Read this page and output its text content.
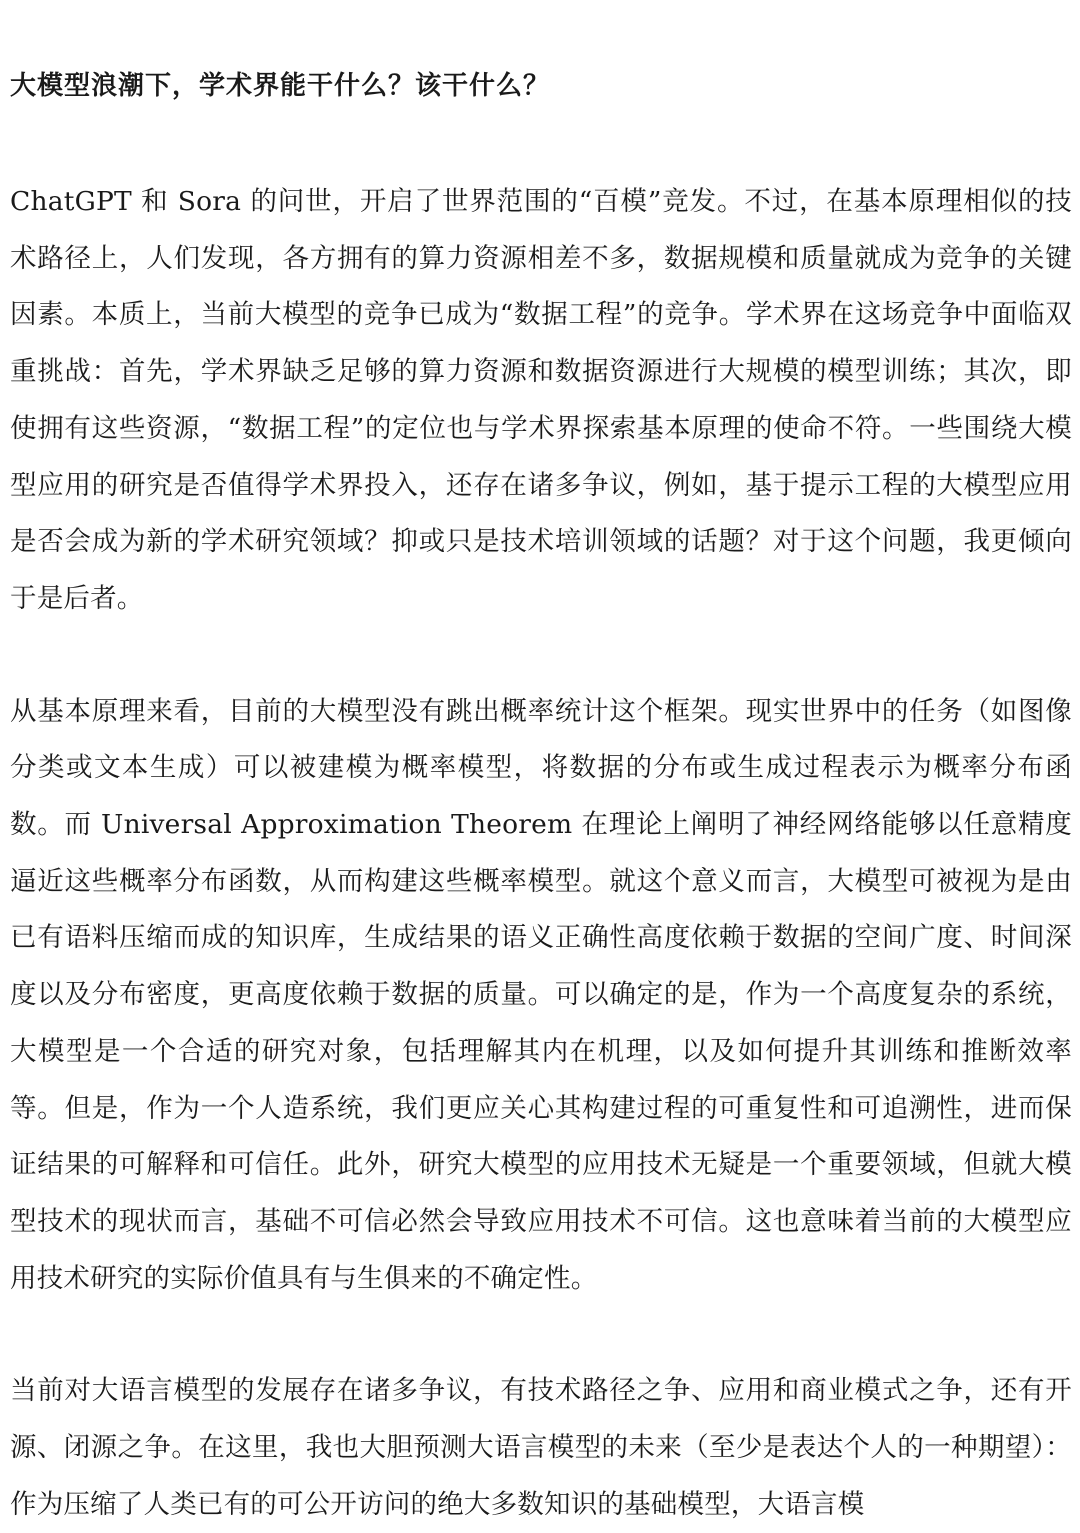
大模型浪潮下，学术界能干什么？该干什么？

ChatGPT 和 Sora 的问世，开启了世界范围的“百模”竞发。不过，在基本原理相似的技术路径上，人们发现，各方拥有的算力资源相差不多，数据规模和质量就成为竞争的关键因素。本质上，当前大模型的竞争已成为“数据工程”的竞争。学术界在这场竞争中面临双重挑战：首先，学术界缺乏足够的算力资源和数据资源进行大规模的模型训练；其次，即使拥有这些资源，“数据工程”的定位也与学术界探索基本原理的使命不符。一些围绕大模型应用的研究是否值得学术界投入，还存在诸多争议，例如，基于提示工程的大模型应用是否会成为新的学术研究领域？抑或只是技术培训领域的话题？对于这个问题，我更倾向于是后者。

从基本原理来看，目前的大模型没有跳出概率统计这个框架。现实世界中的任务（如图像分类或文本生成）可以被建模为概率模型，将数据的分布或生成过程表示为概率分布函数。而 Universal Approximation Theorem 在理论上阐明了神经网络能够以任意精度逼近这些概率分布函数，从而构建这些概率模型。就这个意义而言，大模型可被视为是由已有语料压缩而成的知识库，生成结果的语义正确性高度依赖于数据的空间广度、时间深度以及分布密度，更高度依赖于数据的质量。可以确定的是，作为一个高度复杂的系统，大模型是一个合适的研究对象，包括理解其内在机理，以及如何提升其训练和推断效率等。但是，作为一个人造系统，我们更应关心其构建过程的可重复性和可追溯性，进而保证结果的可解释和可信任。此外，研究大模型的应用技术无疑是一个重要领域，但就大模型技术的现状而言，基础不可信必然会导致应用技术不可信。这也意味着当前的大模型应用技术研究的实际价值具有与生俱来的不确定性。

当前对大语言模型的发展存在诸多争议，有技术路径之争、应用和商业模式之争，还有开源、闭源之争。在这里，我也大胆预测大语言模型的未来（至少是表达个人的一种期望）：作为压缩了人类已有的可公开访问的绝大多数知识的基础模型，大语言模
